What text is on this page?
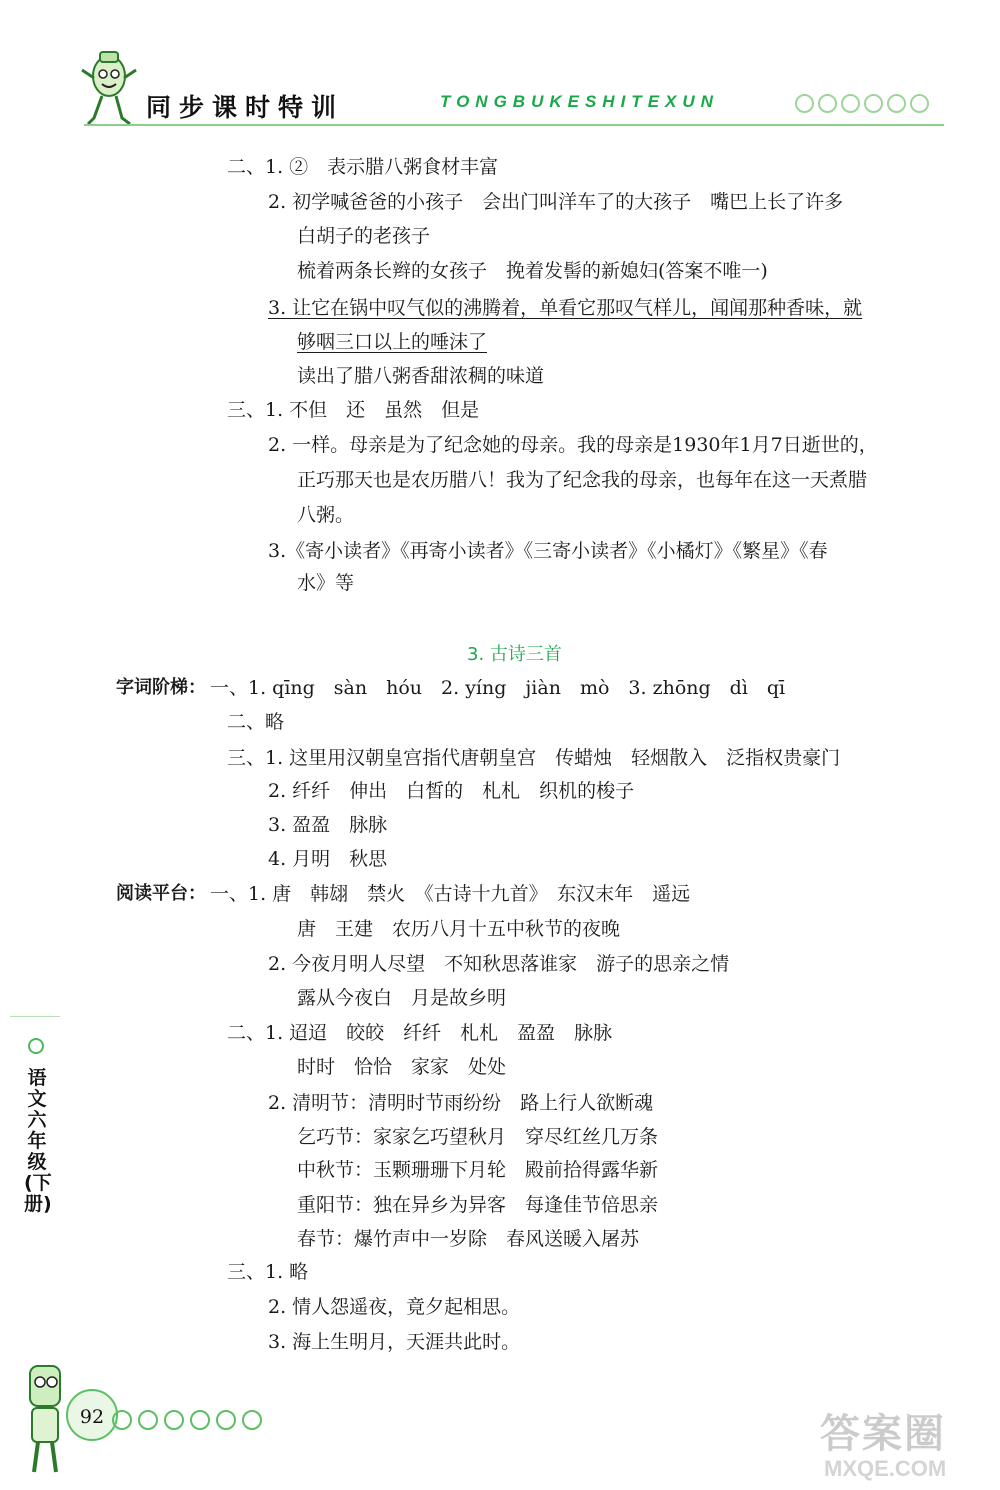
同步课时特训	TONGBUKESHITEXUN
二、1. ②　表示腊八粥食材丰富
2. 初学喊爸爸的小孩子　会出门叫洋车了的大孩子　嘴巴上长了许多
白胡子的老孩子
梳着两条长辫的女孩子　挽着发髻的新媳妇(答案不唯一)
3. 让它在锅中叹气似的沸腾着，单看它那叹气样儿，闻闻那种香味，就
够咽三口以上的唾沫了
读出了腊八粥香甜浓稠的味道
三、1. 不但　还　虽然　但是
2. 一样。母亲是为了纪念她的母亲。我的母亲是1930年1月7日逝世的，
正巧那天也是农历腊八！我为了纪念我的母亲，也每年在这一天煮腊
八粥。
3.《寄小读者》《再寄小读者》《三寄小读者》《小橘灯》《繁星》《春
水》等
3. 古诗三首
字词阶梯： 一、1. qīng　sàn　hóu　2. yíng　jiàn　mò　3. zhōng　dì　qī
二、略
三、1. 这里用汉朝皇宫指代唐朝皇宫　传蜡烛　轻烟散入　泛指权贵豪门
2. 纤纤　伸出　白皙的　札札　织机的梭子
3. 盈盈　脉脉
4. 月明　秋思
阅读平台： 一、1. 唐　韩翃　禁火　《古诗十九首》　东汉末年　遥远
唐　王建　农历八月十五中秋节的夜晚
2. 今夜月明人尽望　不知秋思落谁家　游子的思亲之情
露从今夜白　月是故乡明
二、1. 迢迢　皎皎　纤纤　札札　盈盈　脉脉
时时　恰恰　家家　处处
2. 清明节：清明时节雨纷纷　路上行人欲断魂
乞巧节：家家乞巧望秋月　穿尽红丝几万条
中秋节：玉颗珊珊下月轮　殿前拾得露华新
重阳节：独在异乡为异客　每逢佳节倍思亲
春节：爆竹声中一岁除　春风送暖入屠苏
三、1. 略
2. 情人怨遥夜，竟夕起相思。
3. 海上生明月，天涯共此时。
语文 六年级(下册)
92	答案圈
MXQE.COM
